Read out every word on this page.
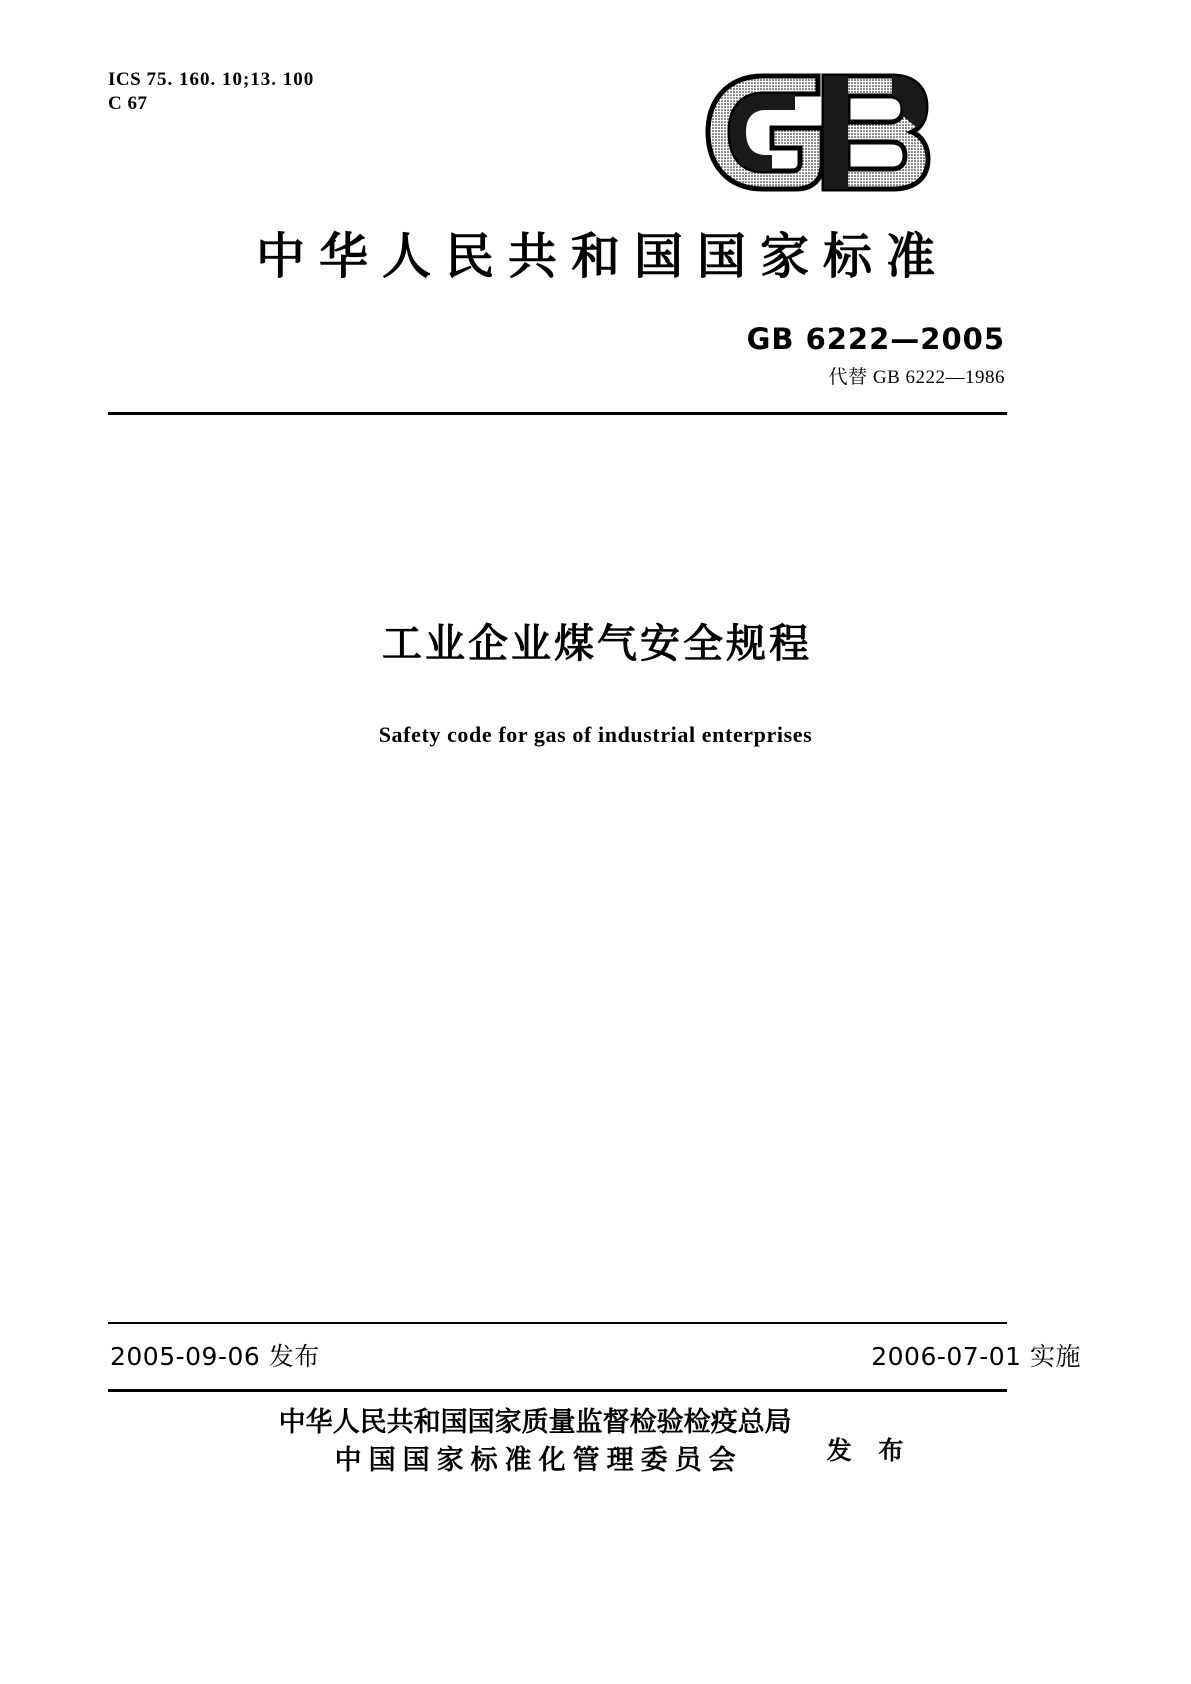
ICS 75. 160. 10;13. 100
C 67
中华人民共和国国家标准
GB 6222—2005
代替 GB 6222—1986
工业企业煤气安全规程
Safety code for gas of industrial enterprises
2005-09-06 发布	2006-07-01 实施
中华人民共和国国家质量监督检验检疫总局
中国国家标准化管理委员会	发 布
